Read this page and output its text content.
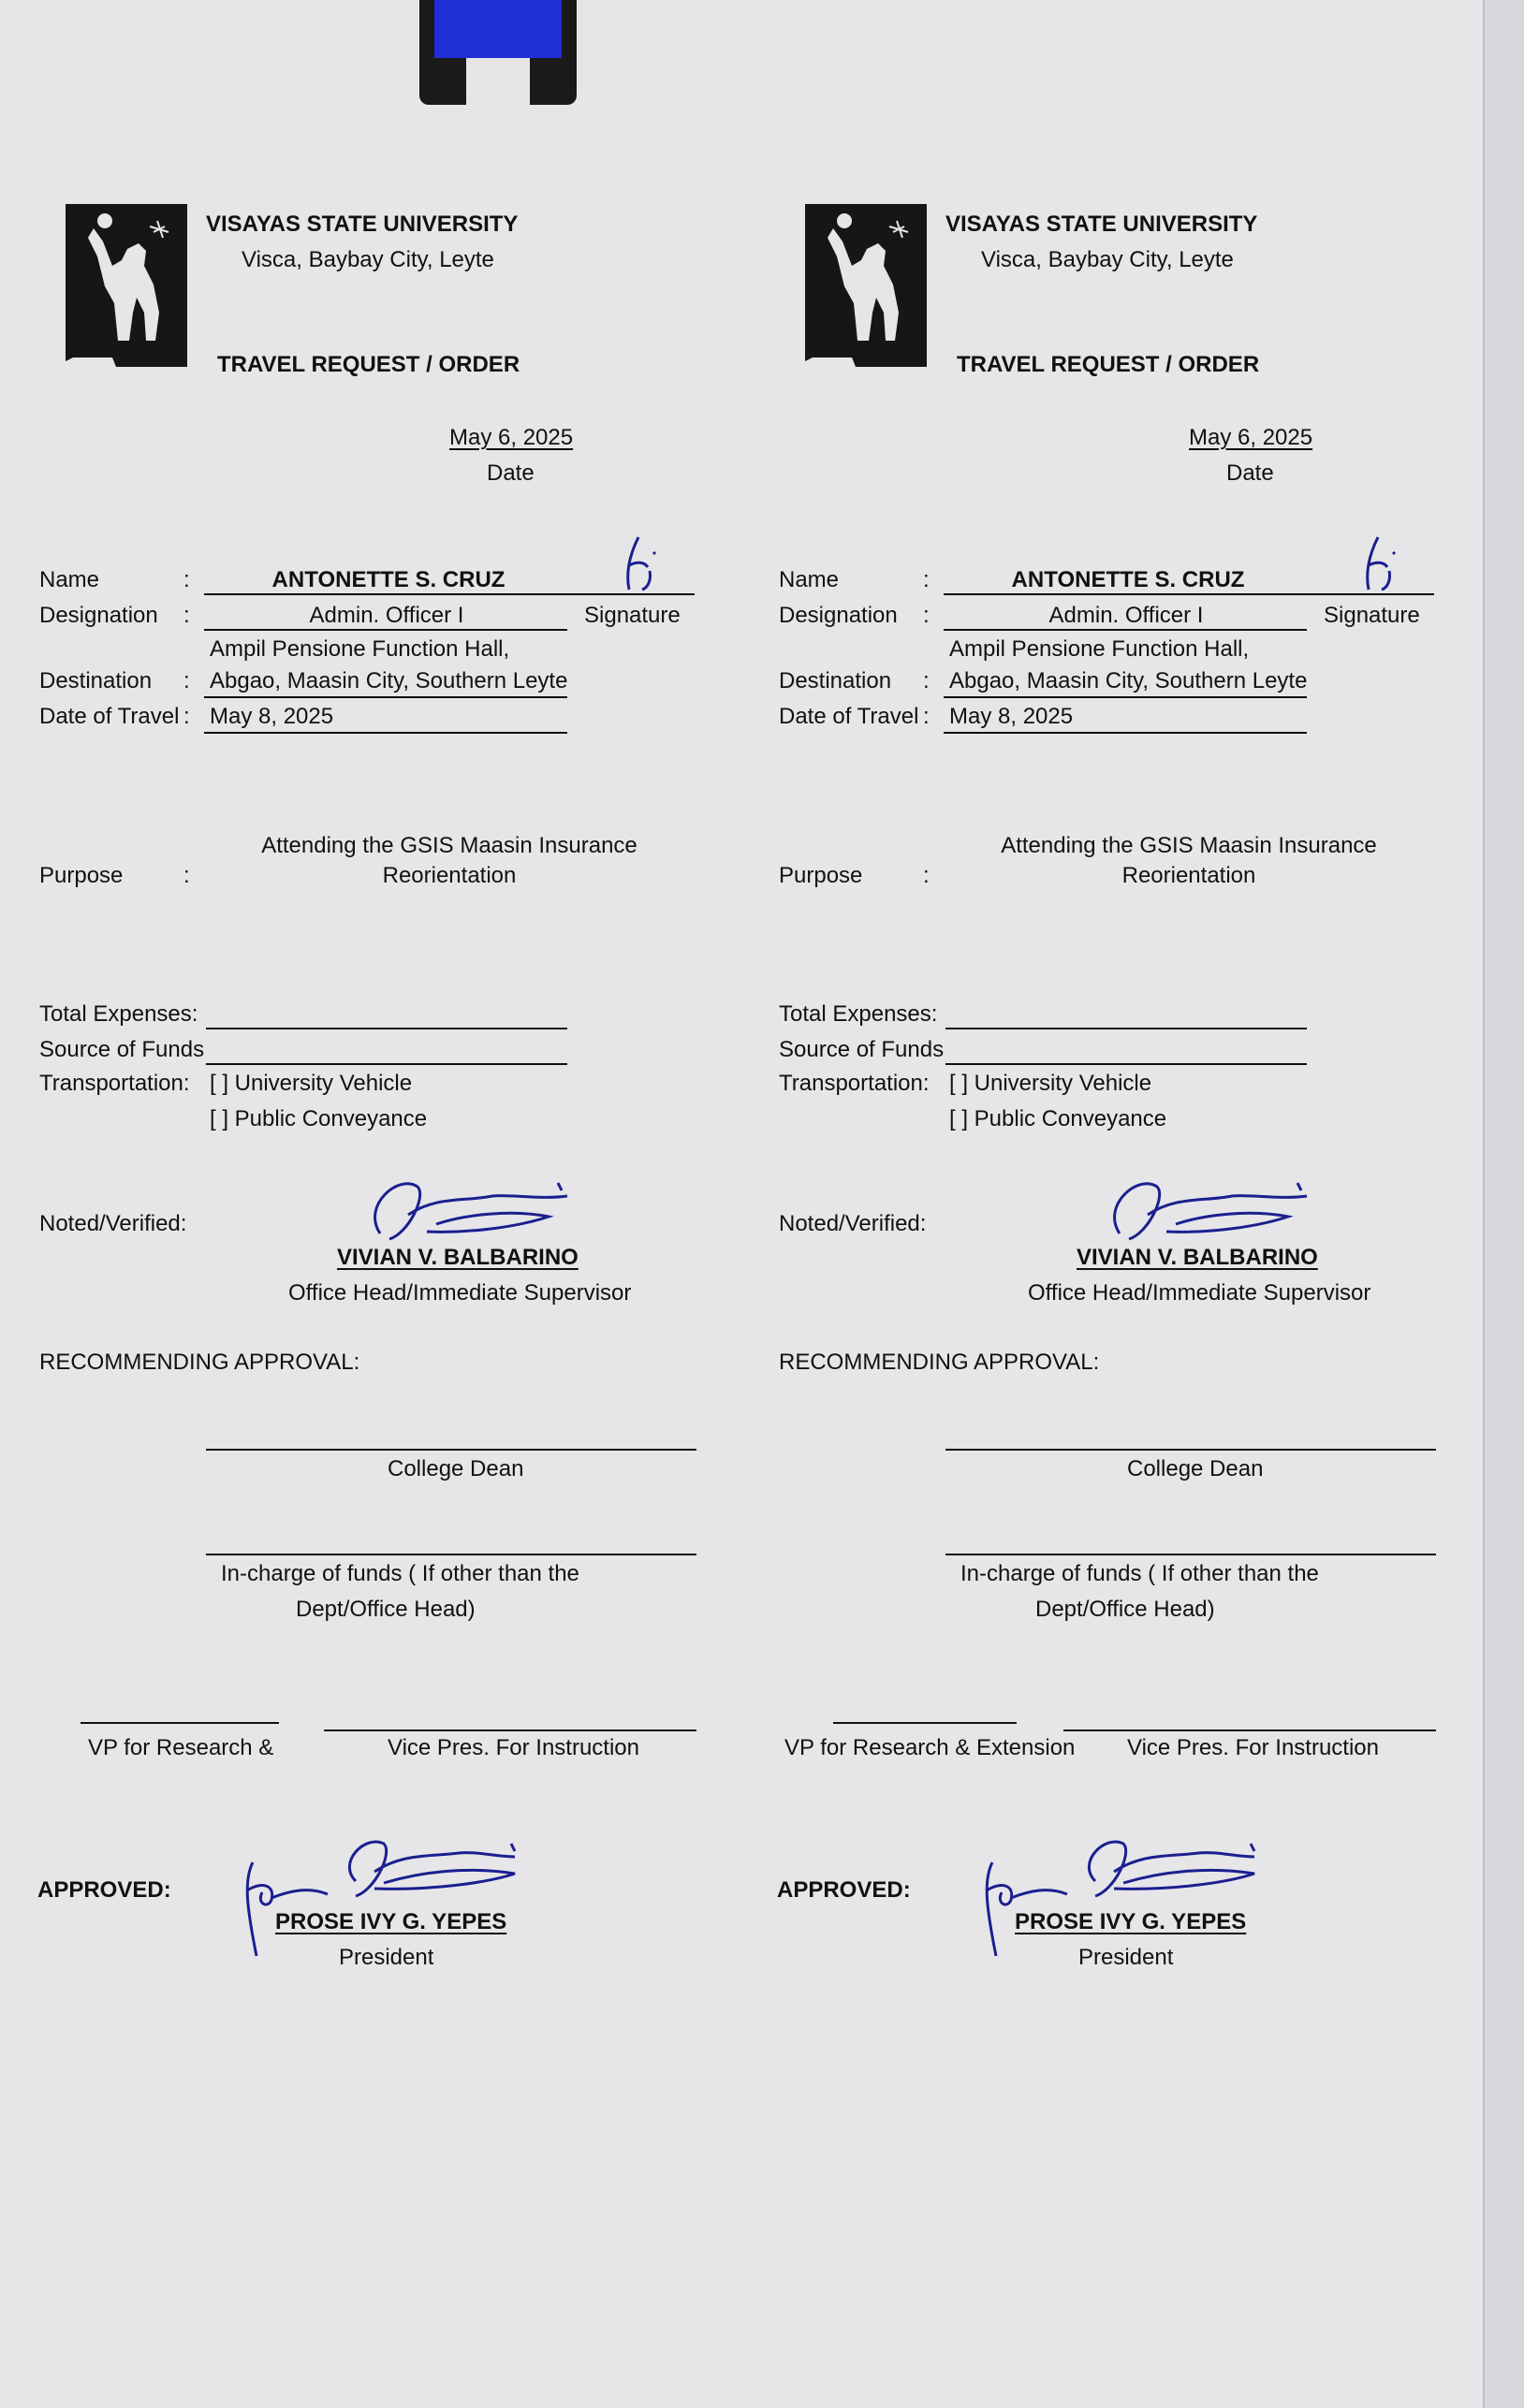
VISAYAS STATE UNIVERSITY
Visca, Baybay City, Leyte
TRAVEL REQUEST / ORDER
May 6, 2025
Date
Name	:	ANTONETTE S. CRUZ
Designation :	Admin. Officer I	Signature
Ampil Pensione Function Hall,
Destination : Abgao, Maasin City, Southern Leyte
Date of Travel : May 8, 2025
Attending the GSIS Maasin Insurance
Reorientation
Purpose	:
Total Expenses:
Source of Funds
Transportation: [ ] University Vehicle
[ ] Public Conveyance
Noted/Verified:
VIVIAN V. BALBARINO
Office Head/Immediate Supervisor
RECOMMENDING APPROVAL:
College Dean
In-charge of funds ( If other than the
Dept/Office Head)
VP for Research &	Vice Pres. For Instruction
APPROVED:
PROSE IVY G. YEPES
President
VISAYAS STATE UNIVERSITY
Visca, Baybay City, Leyte
TRAVEL REQUEST / ORDER
May 6, 2025
Date
Name	:	ANTONETTE S. CRUZ
Designation :	Admin. Officer I	Signature
Ampil Pensione Function Hall,
Destination : Abgao, Maasin City, Southern Leyte
Date of Travel : May 8, 2025
Attending the GSIS Maasin Insurance
Reorientation
Purpose	:
Total Expenses:
Source of Funds
Transportation: [ ] University Vehicle
[ ] Public Conveyance
Noted/Verified:
VIVIAN V. BALBARINO
Office Head/Immediate Supervisor
RECOMMENDING APPROVAL:
College Dean
In-charge of funds ( If other than the
Dept/Office Head)
VP for Research & Extension Vice Pres. For Instruction
APPROVED:
PROSE IVY G. YEPES
President
